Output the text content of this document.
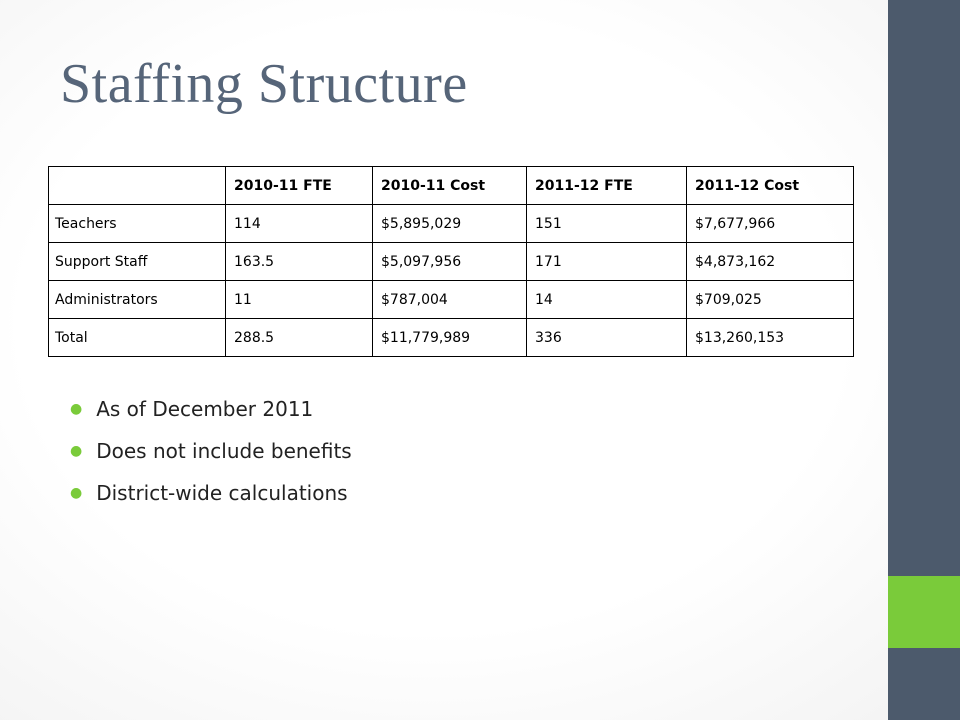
Staffing Structure
	2010-11 FTE	2010-11 Cost	2011-12 FTE	2011-12 Cost
Teachers	114	$5,895,029	151	$7,677,966
Support Staff	163.5	$5,097,956	171	$4,873,162
Administrators	11	$787,004	14	$709,025
Total	288.5	$11,779,989	336	$13,260,153
● As of December 2011
● Does not include benefits
● District-wide calculations
